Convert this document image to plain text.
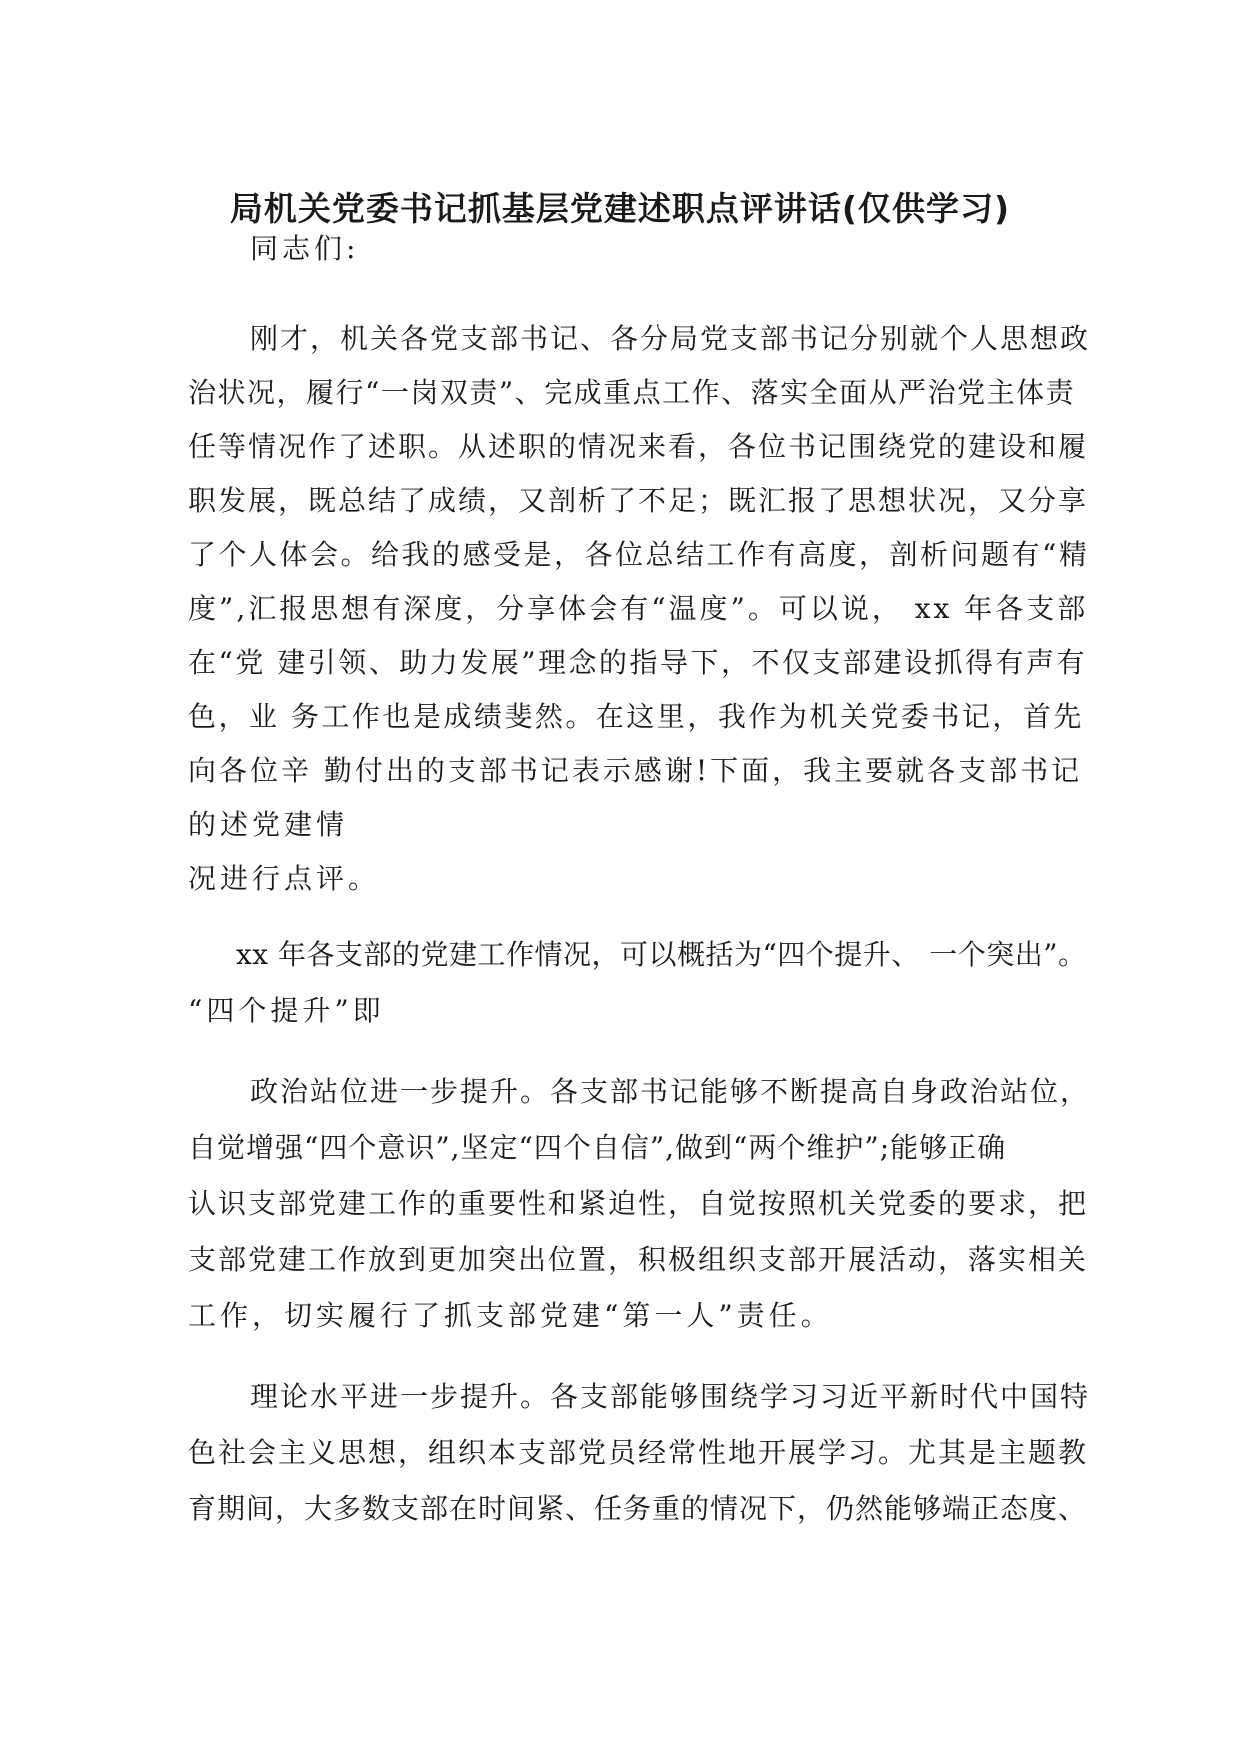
局机关党委书记抓基层党建述职点评讲话(仅供学习)
同志们:
刚才，机关各党支部书记、各分局党支部书记分别就个人思想政
治状况，履行“一岗双责”、完成重点工作、落实全面从严治党主体责
任等情况作了述职。从述职的情况来看，各位书记围绕党的建设和履
职发展，既总结了成绩，又剖析了不足；既汇报了思想状况，又分享
了个人体会。给我的感受是，各位总结工作有高度，剖析问题有“精
度”,汇报思想有深度，分享体会有“温度”。可以说， xx 年各支部
在“党 建引领、助力发展”理念的指导下，不仅支部建设抓得有声有
色，业 务工作也是成绩斐然。在这里，我作为机关党委书记，首先
向各位辛 勤付出的支部书记表示感谢!下面，我主要就各支部书记
的述党建情
况进行点评。
xx 年各支部的党建工作情况，可以概括为“四个提升、 一个突出”。
“四个提升”即
政治站位进一步提升。各支部书记能够不断提高自身政治站位，
自觉增强“四个意识”,坚定“四个自信”,做到“两个维护”;能够正确
认识支部党建工作的重要性和紧迫性，自觉按照机关党委的要求，把
支部党建工作放到更加突出位置，积极组织支部开展活动，落实相关
工作，切实履行了抓支部党建“第一人”责任。
理论水平进一步提升。各支部能够围绕学习习近平新时代中国特
色社会主义思想，组织本支部党员经常性地开展学习。尤其是主题教
育期间，大多数支部在时间紧、任务重的情况下，仍然能够端正态度、
